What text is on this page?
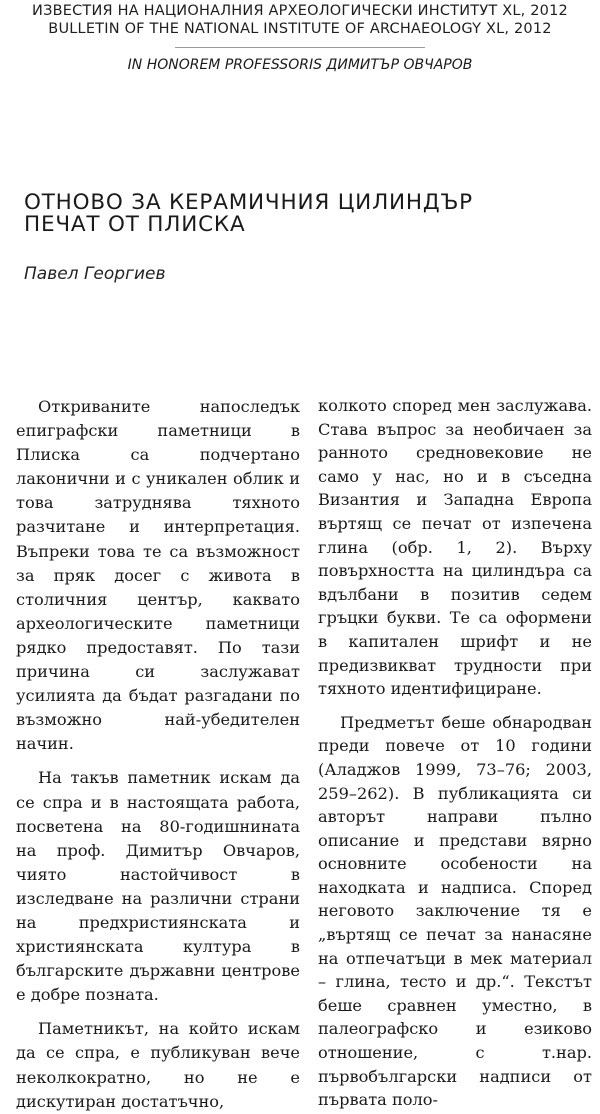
ИЗВЕСТИЯ НА НАЦИОНАЛНИЯ АРХЕОЛОГИЧЕСКИ ИНСТИТУТ XL, 2012
BULLETIN OF THE NATIONAL INSTITUTE OF ARCHAEOLOGY XL, 2012
IN HONOREM PROFESSORIS ДИМИТЪР ОВЧАРОВ
ОТНОВО ЗА КЕРАМИЧНИЯ ЦИЛИНДЪР
ПЕЧАТ ОТ ПЛИСКА
Павел Георгиев

Откриваните напоследък епиграфски паметници в Плиска са подчертано лаконични и с уникален облик и това затруднява тяхното разчитане и интерпретация. Въпреки това те са възможност за пряк досег с живота в столичния център, каквато археологическите паметници рядко предоставят. По тази причина си заслужават усилията да бъдат разгадани по възможно най-убедителен начин.

На такъв паметник искам да се спра и в настоящата работа, посветена на 80-годишнината на проф. Димитър Овчаров, чиято настойчивост в изследване на различни страни на предхристиянската и християнската култура в българските държавни центрове е добре позната.

Паметникът, на който искам да се спра, е публикуван вече неколкократно, но не е дискутиран достатъчно,

колкото според мен заслужава. Става въпрос за необичаен за ранното средновековие не само у нас, но и в съседна Византия и Западна Европа въртящ се печат от изпечена глина (обр. 1, 2). Върху повърхността на цилиндъра са вдълбани в позитив седем гръцки букви. Те са оформени в капитален шрифт и не предизвикват трудности при тяхното идентифициране.

Предметът беше обнародван преди повече от 10 години (Аладжов 1999, 73–76; 2003, 259–262). В публикацията си авторът направи пълно описание и представи вярно основните особености на находката и надписа. Според неговото заключение тя е „въртящ се печат за нанасяне на отпечатъци в мек материал – глина, тесто и др.“. Текстът беше сравнен уместно, в палеографско и езиково отношение, с т.нар. първобългарски надписи от първата поло-
